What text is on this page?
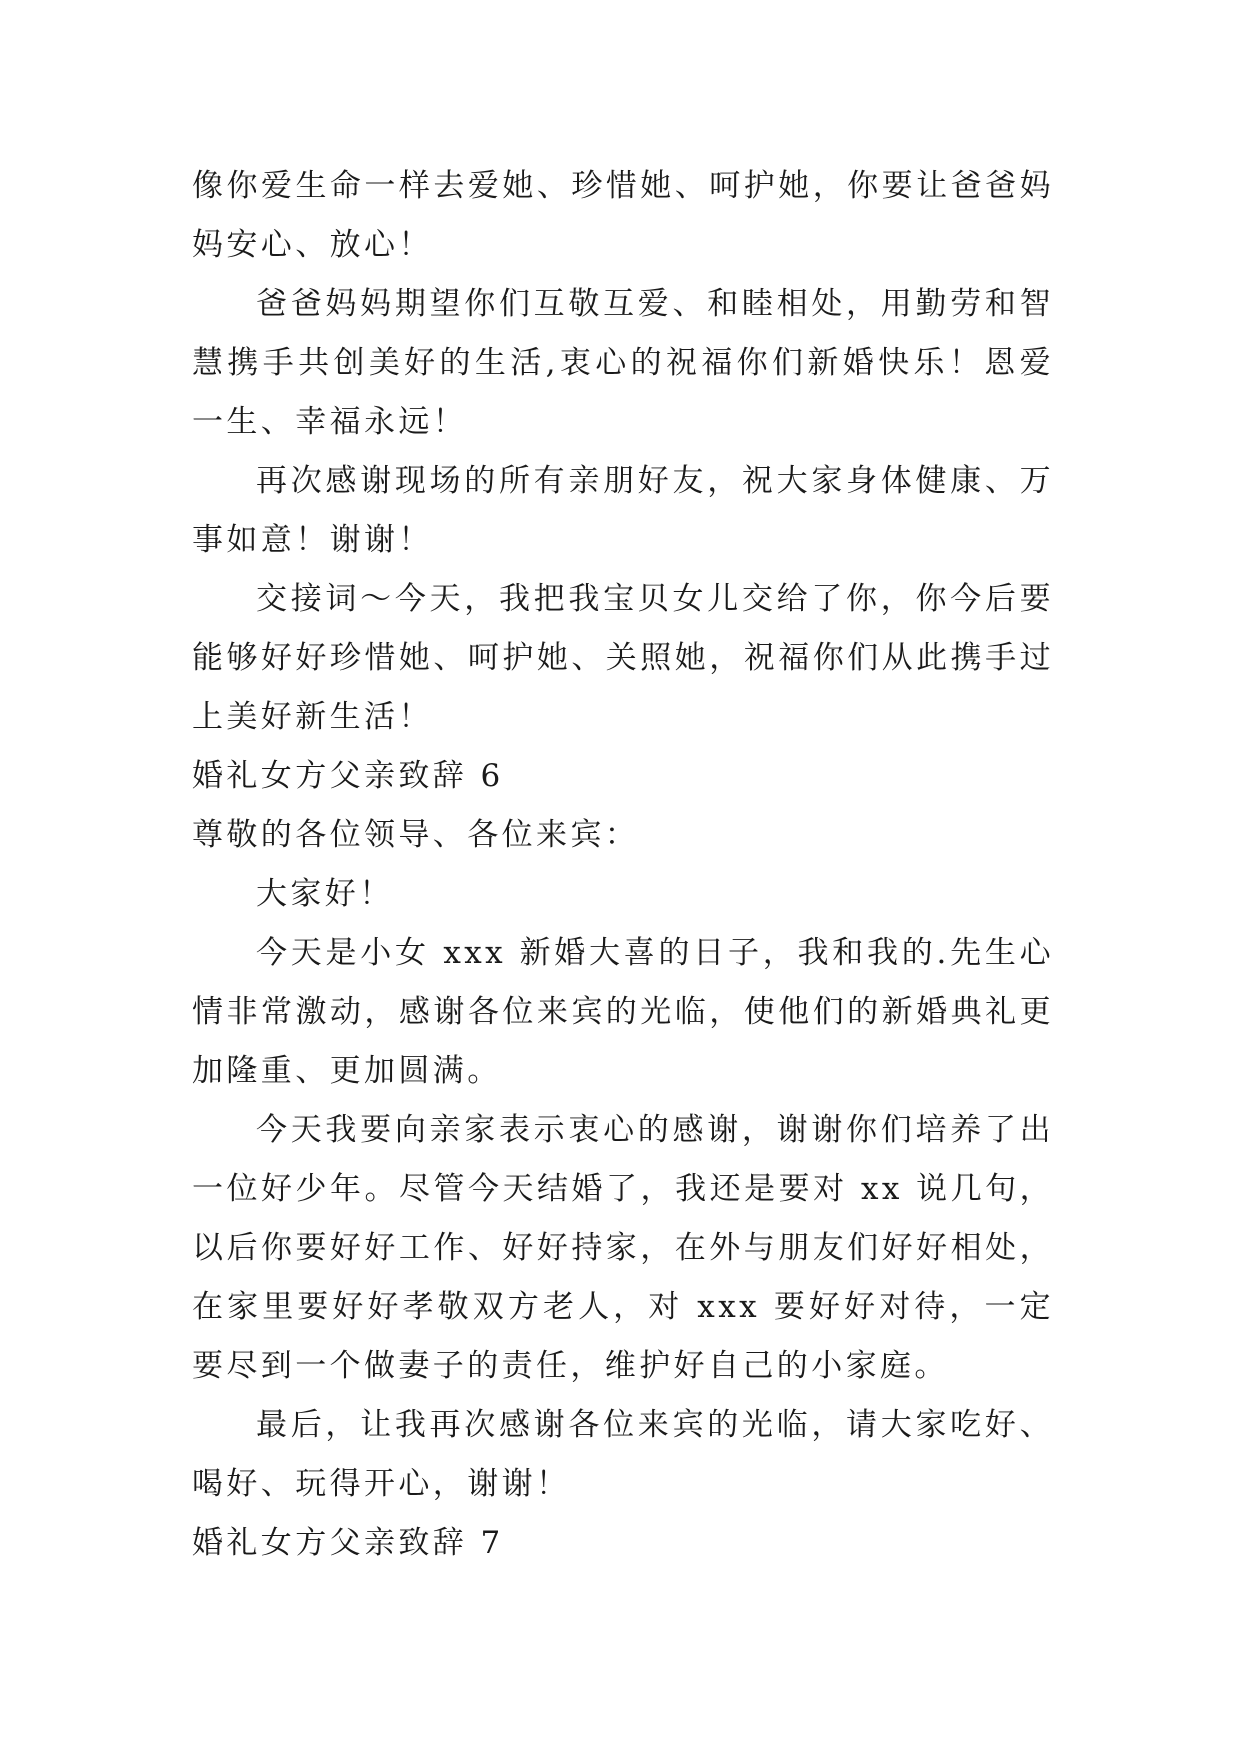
像你爱生命一样去爱她、珍惜她、呵护她，你要让爸爸妈妈安心、放心！

爸爸妈妈期望你们互敬互爱、和睦相处，用勤劳和智慧携手共创美好的生活,衷心的祝福你们新婚快乐！恩爱一生、幸福永远！

再次感谢现场的所有亲朋好友，祝大家身体健康、万事如意！谢谢！

交接词～今天，我把我宝贝女儿交给了你，你今后要能够好好珍惜她、呵护她、关照她，祝福你们从此携手过上美好新生活！

婚礼女方父亲致辞 6

尊敬的各位领导、各位来宾：

大家好！

今天是小女 xxx 新婚大喜的日子，我和我的.先生心情非常激动，感谢各位来宾的光临，使他们的新婚典礼更加隆重、更加圆满。

今天我要向亲家表示衷心的感谢，谢谢你们培养了出一位好少年。尽管今天结婚了，我还是要对 xx 说几句，以后你要好好工作、好好持家，在外与朋友们好好相处，在家里要好好孝敬双方老人，对 xxx 要好好对待，一定要尽到一个做妻子的责任，维护好自己的小家庭。

最后，让我再次感谢各位来宾的光临，请大家吃好、喝好、玩得开心，谢谢！

婚礼女方父亲致辞 7
